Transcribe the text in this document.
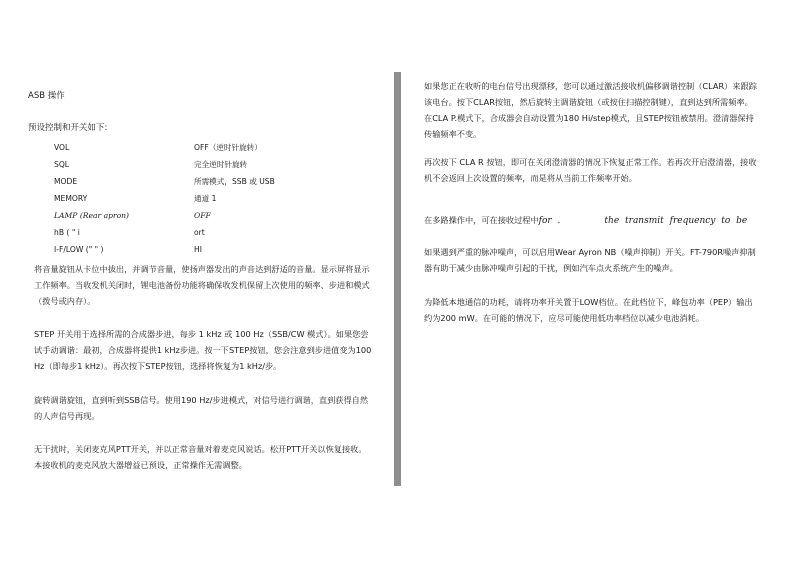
ASB 操作

预设控制和开关如下:

VOL	OFF（逆时针旋转）
SQL	完全逆时针旋转
MODE	所需模式，SSB 或 USB
MEMORY	通道 1
LAMP (Rear apron)	OFF
hB ( " i	ort
I-F/LOW (" " )	HI

将音量旋钮从卡位中拔出，并调节音量，使扬声器发出的声音达到舒适的音量。显示屏将显示工作频率。当收发机关闭时，锂电池备份功能将确保收发机保留上次使用的频率、步进和模式（拨号或内存）。

STEP 开关用于选择所需的合成器步进，每步 1 kHz 或 100 Hz（SSB/CW 模式）。如果您尝试手动调谐：最初，合成器将提供1 kHz步进。按一下STEP按钮，您会注意到步进值变为100 Hz（即每步1 kHz）。再次按下STEP按钮，选择将恢复为1 kHz/步。

旋转调谐旋钮，直到听到SSB信号。使用190 Hz/步进模式，对信号进行调谐，直到获得自然的人声信号再现。

无干扰时，关闭麦克风PTT开关，并以正常音量对着麦克风说话。松开PTT开关以恢复接收。本接收机的麦克风放大器增益已预设，正常操作无需调整。

如果您正在收听的电台信号出现漂移，您可以通过激活接收机偏移调谐控制（CLAR）来跟踪该电台。按下CLAR按钮，然后旋转主调谐旋钮（或按住扫描控制键），直到达到所需频率。在CLA P.模式下，合成器会自动设置为180 Hi/step模式，且STEP按钮被禁用。澄清器保持传输频率不变。

再次按下 CLA R 按钮，即可在关闭澄清器的情况下恢复正常工作。若再次开启澄清器，接收机不会返回上次设置的频率，而是将从当前工作频率开始。

在多路操作中，可在接收过程中for .	the transmit frequency to be

如果遇到严重的脉冲噪声，可以启用Wear Ayron NB（噪声抑制）开关。FT-790R噪声抑制器有助于减少由脉冲噪声引起的干扰，例如汽车点火系统产生的噪声。

为降低本地通信的功耗，请将功率开关置于LOW档位。在此档位下，峰包功率（PEP）输出约为200 mW。在可能的情况下，应尽可能使用低功率档位以减少电池消耗。
